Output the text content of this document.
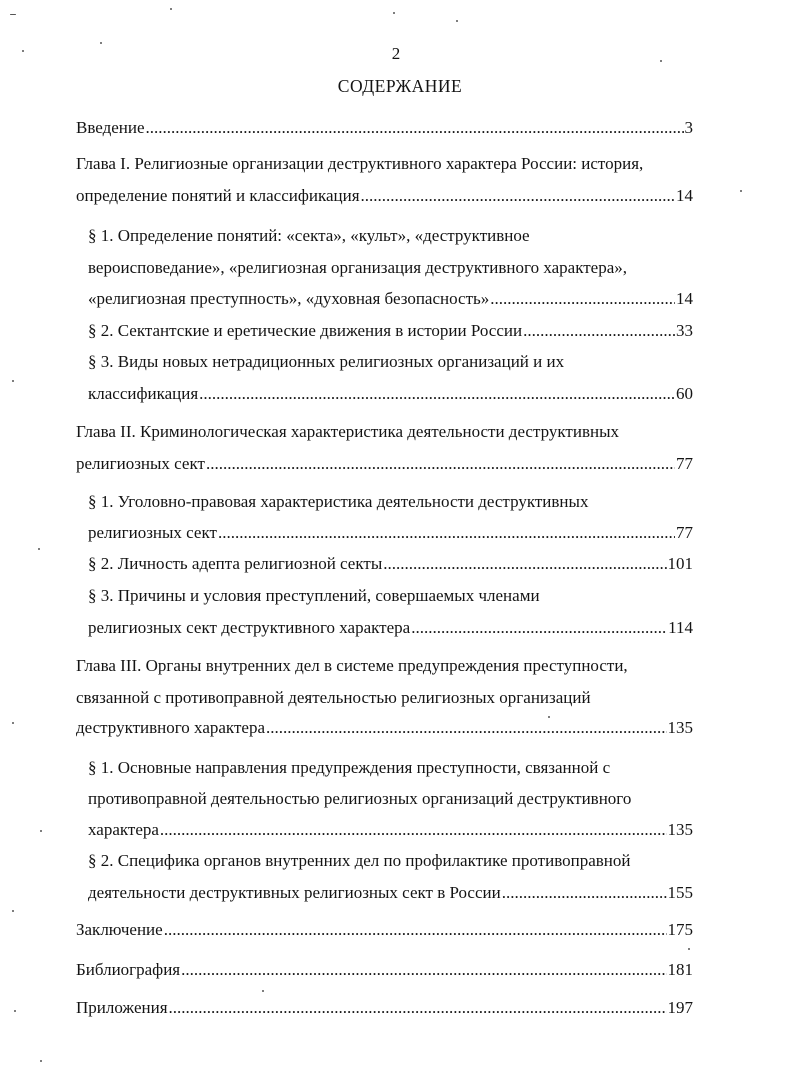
2
СОДЕРЖАНИЕ
Введение .....	3
Глава I. Религиозные организации деструктивного характера России: история,
определение понятий и классификация .....	14
§ 1. Определение понятий: «секта», «культ», «деструктивное
вероисповедание», «религиозная организация деструктивного характера»,
«религиозная преступность», «духовная безопасность» .....	14
§ 2. Сектантские и еретические движения в истории России .....	33
§ 3. Виды новых нетрадиционных религиозных организаций и их
классификация .....	60
Глава II. Криминологическая характеристика деятельности деструктивных
религиозных сект .....	77
§ 1. Уголовно-правовая характеристика деятельности деструктивных
религиозных сект .....	77
§ 2. Личность адепта религиозной секты .....	101
§ 3. Причины и условия преступлений, совершаемых членами
религиозных сект деструктивного характера .....	114
Глава III. Органы внутренних дел в системе предупреждения преступности,
связанной с противоправной деятельностью религиозных организаций
деструктивного характера .....	135
§ 1. Основные направления предупреждения преступности, связанной с
противоправной деятельностью религиозных организаций деструктивного
характера .....	135
§ 2. Специфика органов внутренних дел по профилактике противоправной
деятельности деструктивных религиозных сект в России .....	155
Заключение .....	175
Библиография .....	181
Приложения .....	197
